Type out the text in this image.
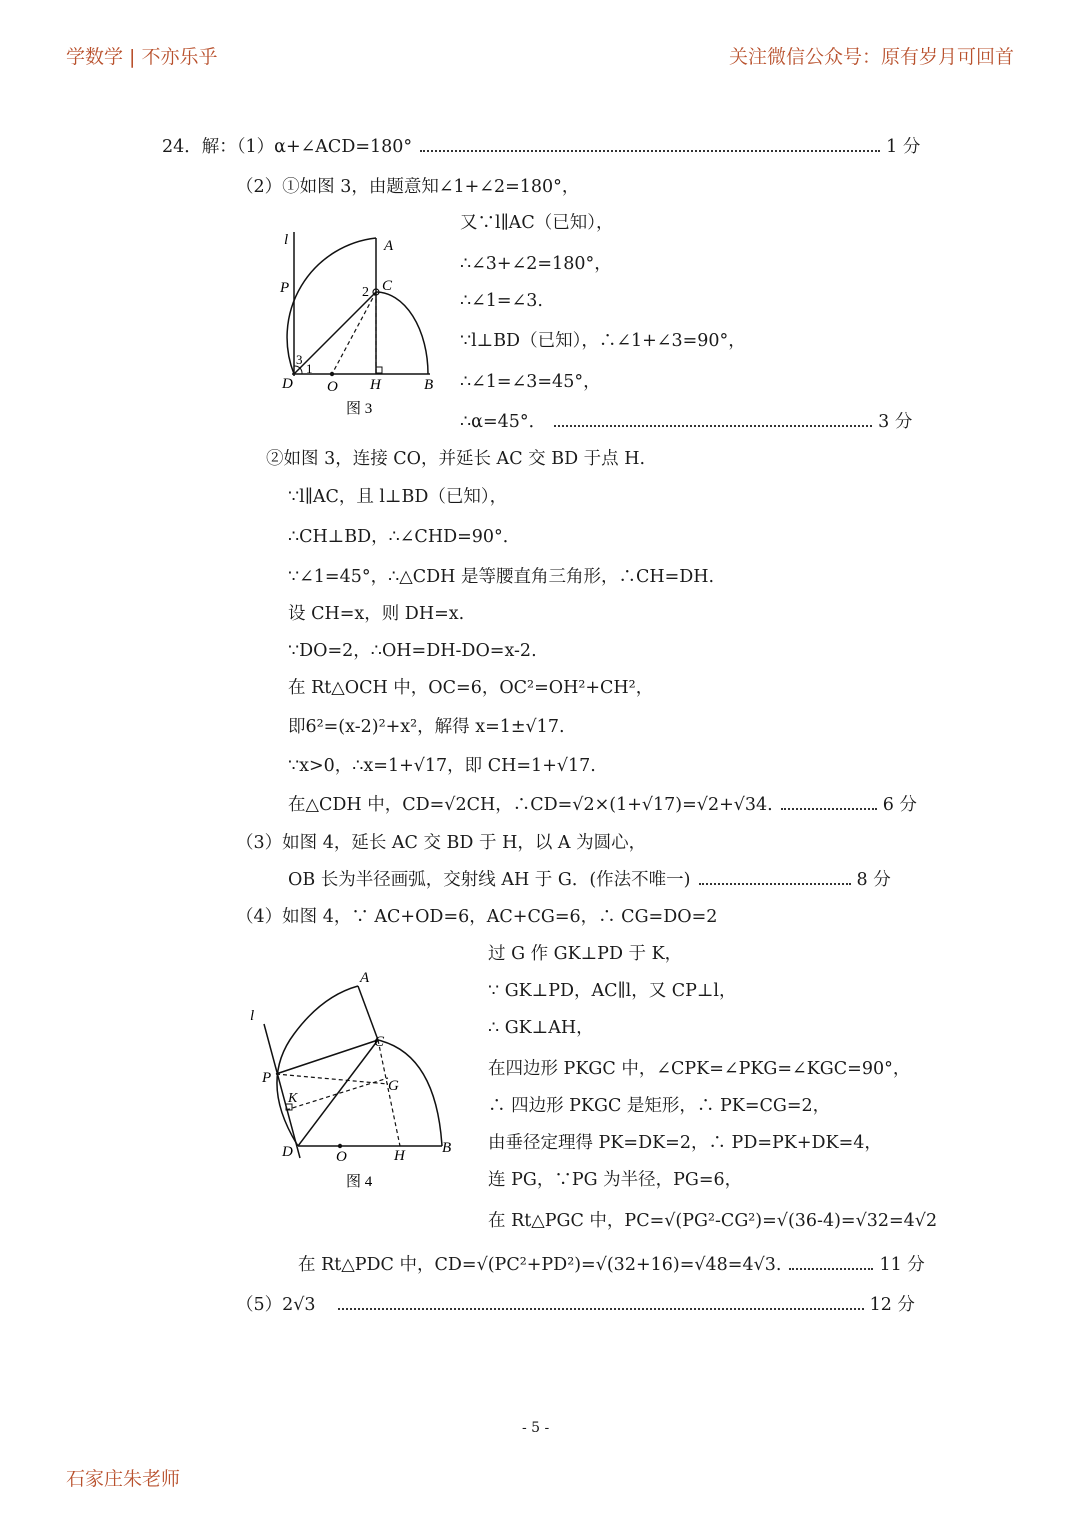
学数学 | 不亦乐乎	关注微信公众号：原有岁月可回首
24．解：（1）α+∠ACD=180°	1 分
（2）①如图 3，由题意知∠1+∠2=180°，
l	A
P	C
2
3
1
D O H	B
图 3
又∵l∥AC（已知），
∴∠3+∠2=180°，
∴∠1=∠3.
∵l⊥BD（已知），∴∠1+∠3=90°，
∴∠1=∠3=45°，
∴α=45°．	3 分
②如图 3，连接 CO，并延长 AC 交 BD 于点 H.
∵l∥AC，且 l⊥BD（已知），
∴CH⊥BD，∴∠CHD=90°．
∵∠1=45°，∴△CDH 是等腰直角三角形，∴CH=DH.
设 CH=x，则 DH=x.
∵DO=2，∴OH=DH-DO=x-2.
在 Rt△OCH 中，OC=6，OC²=OH²+CH²，
即6²=(x-2)²+x²，解得 x=1±√17.
∵x>0，∴x=1+√17，即 CH=1+√17.
在△CDH 中，CD=√2CH，∴CD=√2×(1+√17)=√2+√34.	6 分
（3）如图 4，延长 AC 交 BD 于 H，以 A 为圆心，
OB 长为半径画弧，交射线 AH 于 G．(作法不唯一)	8 分
（4）如图 4，∵ AC+OD=6，AC+CG=6，∴ CG=DO=2
l
A
C
P	G
K
D	O	H B
图 4
过 G 作 GK⊥PD 于 K，
∵ GK⊥PD，AC∥l，又 CP⊥l，
∴ GK⊥AH，
在四边形 PKGC 中，∠CPK=∠PKG=∠KGC=90°，
∴ 四边形 PKGC 是矩形，∴ PK=CG=2，
由垂径定理得 PK=DK=2，∴ PD=PK+DK=4，
连 PG，∵PG 为半径，PG=6，
在 Rt△PGC 中，PC=√(PG²-CG²)=√(36-4)=√32=4√2
在 Rt△PDC 中，CD=√(PC²+PD²)=√(32+16)=√48=4√3.	11 分
（5）2√3	12 分
- 5 -
石家庄朱老师
